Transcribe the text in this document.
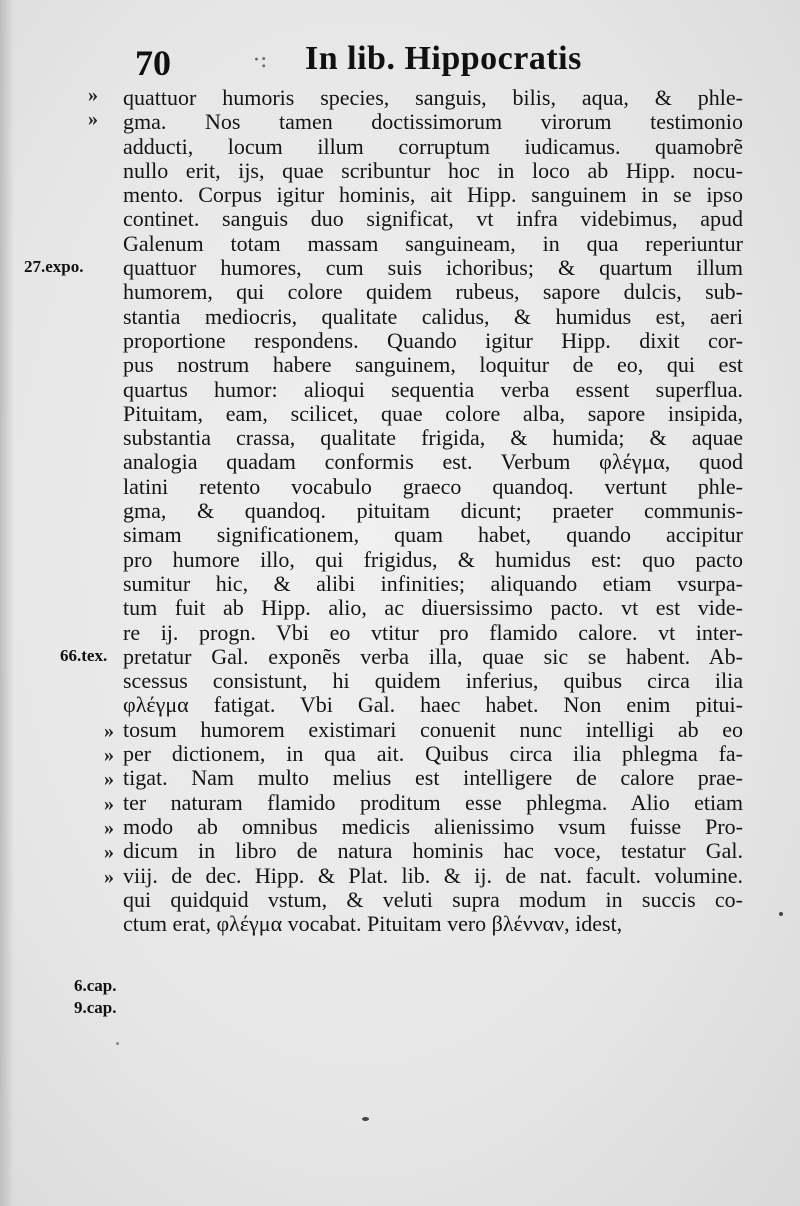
70	·: In lib. Hippocratis
»
»
27.expo.
66.tex.
»
»
»
»
»
»
»
6.cap.
9.cap.
quattuor humoris species, sanguis, bilis, aqua, & phle-
gma. Nos tamen doctissimorum virorum testimonio
adducti, locum illum corruptum iudicamus. quamobrẽ
nullo erit, ijs, quae scribuntur hoc in loco ab Hipp. nocu-
mento. Corpus igitur hominis, ait Hipp. sanguinem in se ipso
continet. sanguis duo significat, vt infra videbimus, apud
Galenum totam massam sanguineam, in qua reperiuntur
quattuor humores, cum suis ichoribus; & quartum illum
humorem, qui colore quidem rubeus, sapore dulcis, sub-
stantia mediocris, qualitate calidus, & humidus est, aeri
proportione respondens. Quando igitur Hipp. dixit cor-
pus nostrum habere sanguinem, loquitur de eo, qui est
quartus humor: alioqui sequentia verba essent superflua.
Pituitam, eam, scilicet, quae colore alba, sapore insipida,
substantia crassa, qualitate frigida, & humida; & aquae
analogia quadam conformis est. Verbum φλέγμα, quod
latini retento vocabulo graeco quandoq. vertunt phle-
gma, & quandoq. pituitam dicunt; praeter communis-
simam significationem, quam habet, quando accipitur
pro humore illo, qui frigidus, & humidus est: quo pacto
sumitur hic, & alibi infinities; aliquando etiam vsurpa-
tum fuit ab Hipp. alio, ac diuersissimo pacto. vt est vide-
re ij. progn. Vbi eo vtitur pro flamido calore. vt inter-
pretatur Gal. exponẽs verba illa, quae sic se habent. Ab-
scessus consistunt, hi quidem inferius, quibus circa ilia
φλέγμα fatigat. Vbi Gal. haec habet. Non enim pitui-
tosum humorem existimari conuenit nunc intelligi ab eo
per dictionem, in qua ait. Quibus circa ilia phlegma fa-
tigat. Nam multo melius est intelligere de calore prae-
ter naturam flamido proditum esse phlegma. Alio etiam
modo ab omnibus medicis alienissimo vsum fuisse Pro-
dicum in libro de natura hominis hac voce, testatur Gal.
viij. de dec. Hipp. & Plat. lib. & ij. de nat. facult. volumine.
qui quidquid vstum, & veluti supra modum in succis co-
ctum erat, φλέγμα vocabat. Pituitam vero βλένναν, idest,
